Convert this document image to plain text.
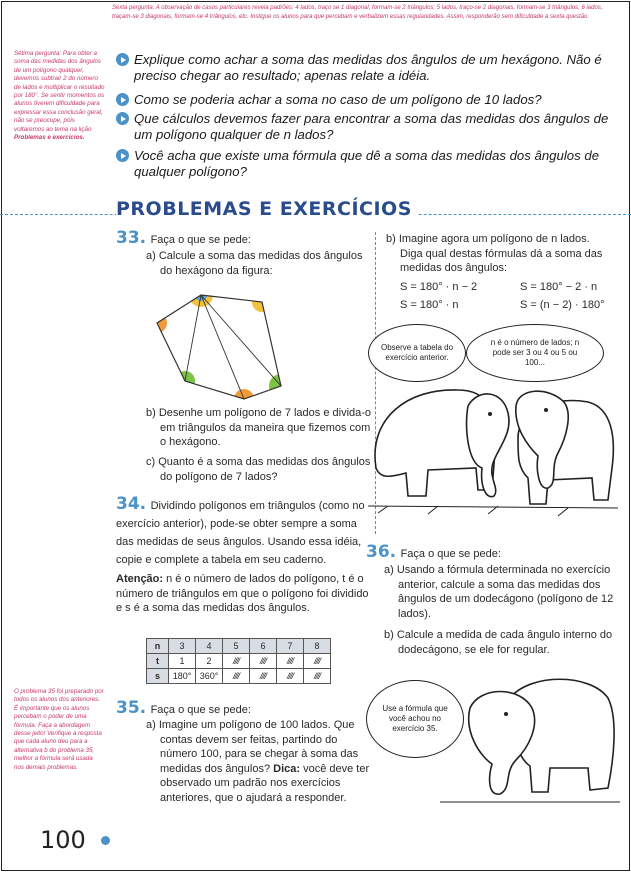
Sexta pergunta: A observação de casos particulares revela padrões: 4 lados, traço se 1 diagonal, formam-se 2 triângulos; 5 lados, traço-se 2 diagonais, formam-se 3 triângulos; 6 lados, traçam-se 3 diagonais, formam-se 4 triângulos, etc. Instigue os alunos para que percebam e verbalizem essas regularidades. Assim, responderão sem dificuldade a sexta questão.
Sétima pergunta: Para obter a soma das medidas dos ângulos de um polígono qualquer, devemos subtrair 2 do número de lados e multiplicar o resultado por 180°. Se sentir momentos os alunos tiverem dificuldade para expressar essa conclusão geral, não se preocupe, pois voltaremos ao tema na lição Problemas e exercícios.
O problema 35 foi preparado por todos os alunos dos anteriores. É importante que os alunos percebam o poder de uma fórmula. Faça a abordagem desse jeito! Verifique a resposta que cada aluno deu para a alternativa b do problema 35, melhor a fórmula será usada nos demais problemas.
Explique como achar a soma das medidas dos ângulos de um hexágono. Não é preciso chegar ao resultado; apenas relate a idéia.
Como se poderia achar a soma no caso de um polígono de 10 lados?
Que cálculos devemos fazer para encontrar a soma das medidas dos ângulos de um polígono qualquer de n lados?
Você acha que existe uma fórmula que dê a soma das medidas dos ângulos de qualquer polígono?
PROBLEMAS E EXERCÍCIOS
33. Faça o que se pede:
a) Calcule a soma das medidas dos ângulos do hexágono da figura:
b) Desenhe um polígono de 7 lados e divida-o em triângulos da maneira que fizemos com o hexágono.
c) Quanto é a soma das medidas dos ângulos do polígono de 7 lados?
b) Imagine agora um polígono de n lados. Diga qual destas fórmulas dá a soma das medidas dos ângulos:
S = 180° · n − 2	S = 180° − 2 · n
S = 180° · n	S = (n − 2) · 180°
Observe a tabela do exercício anterior.
n é o número de lados; n pode ser 3 ou 4 ou 5 ou 100...
34. Dividindo polígonos em triângulos (como no exercício anterior), pode-se obter sempre a soma das medidas de seus ângulos. Usando essa idéia, copie e complete a tabela em seu caderno.
Atenção: n é o número de lados do polígono, t é o número de triângulos em que o polígono foi dividido e s é a soma das medidas dos ângulos.
n	3	4	5	6	7	8
t	1	2	////	////	////	////
s	180°	360°	////	////	////	////
35. Faça o que se pede:
a) Imagine um polígono de 100 lados. Que contas devem ser feitas, partindo do número 100, para se chegar à soma das medidas dos ângulos? Dica: você deve ter observado um padrão nos exercícios anteriores, que o ajudará a responder.
36. Faça o que se pede:
a) Usando a fórmula determinada no exercício anterior, calcule a soma das medidas dos ângulos de um dodecágono (polígono de 12 lados).
b) Calcule a medida de cada ângulo interno do dodecágono, se ele for regular.
Use a fórmula que você achou no exercício 35.
100
